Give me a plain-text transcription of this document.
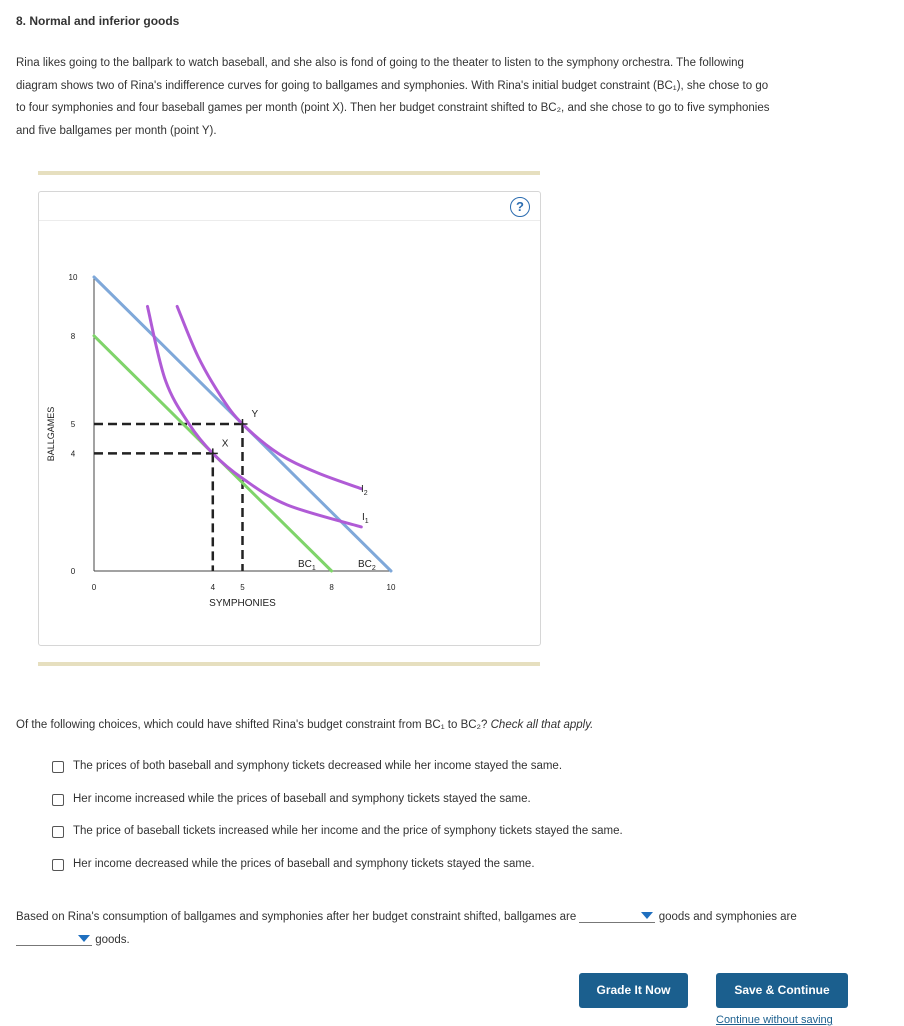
8. Normal and inferior goods

Rina likes going to the ballpark to watch baseball, and she also is fond of going to the theater to listen to the symphony orchestra. The following

diagram shows two of Rina's indifference curves for going to ballgames and symphonies. With Rina's initial budget constraint (BC₁), she chose to go

to four symphonies and four baseball games per month (point X). Then her budget constraint shifted to BC₂, and she chose to go to five symphonies

and five ballgames per month (point Y).

?
0	4	5	8	10
0
4
5
8
10
SYMPHONIES
BALLGAMES	X
Y
$BC_1$	$BC_2$
$I_2$
$I_1$
Of the following choices, which could have shifted Rina's budget constraint from BC₁ to BC₂? Check all that apply.
The prices of both baseball and symphony tickets decreased while her income stayed the same.
Her income increased while the prices of baseball and symphony tickets stayed the same.
The price of baseball tickets increased while her income and the price of symphony tickets stayed the same.
Her income decreased while the prices of baseball and symphony tickets stayed the same.
Based on Rina's consumption of ballgames and symphonies after her budget constraint shifted, ballgames are	goods and symphonies are

goods.
Grade It Now	Save & Continue
Continue without saving
